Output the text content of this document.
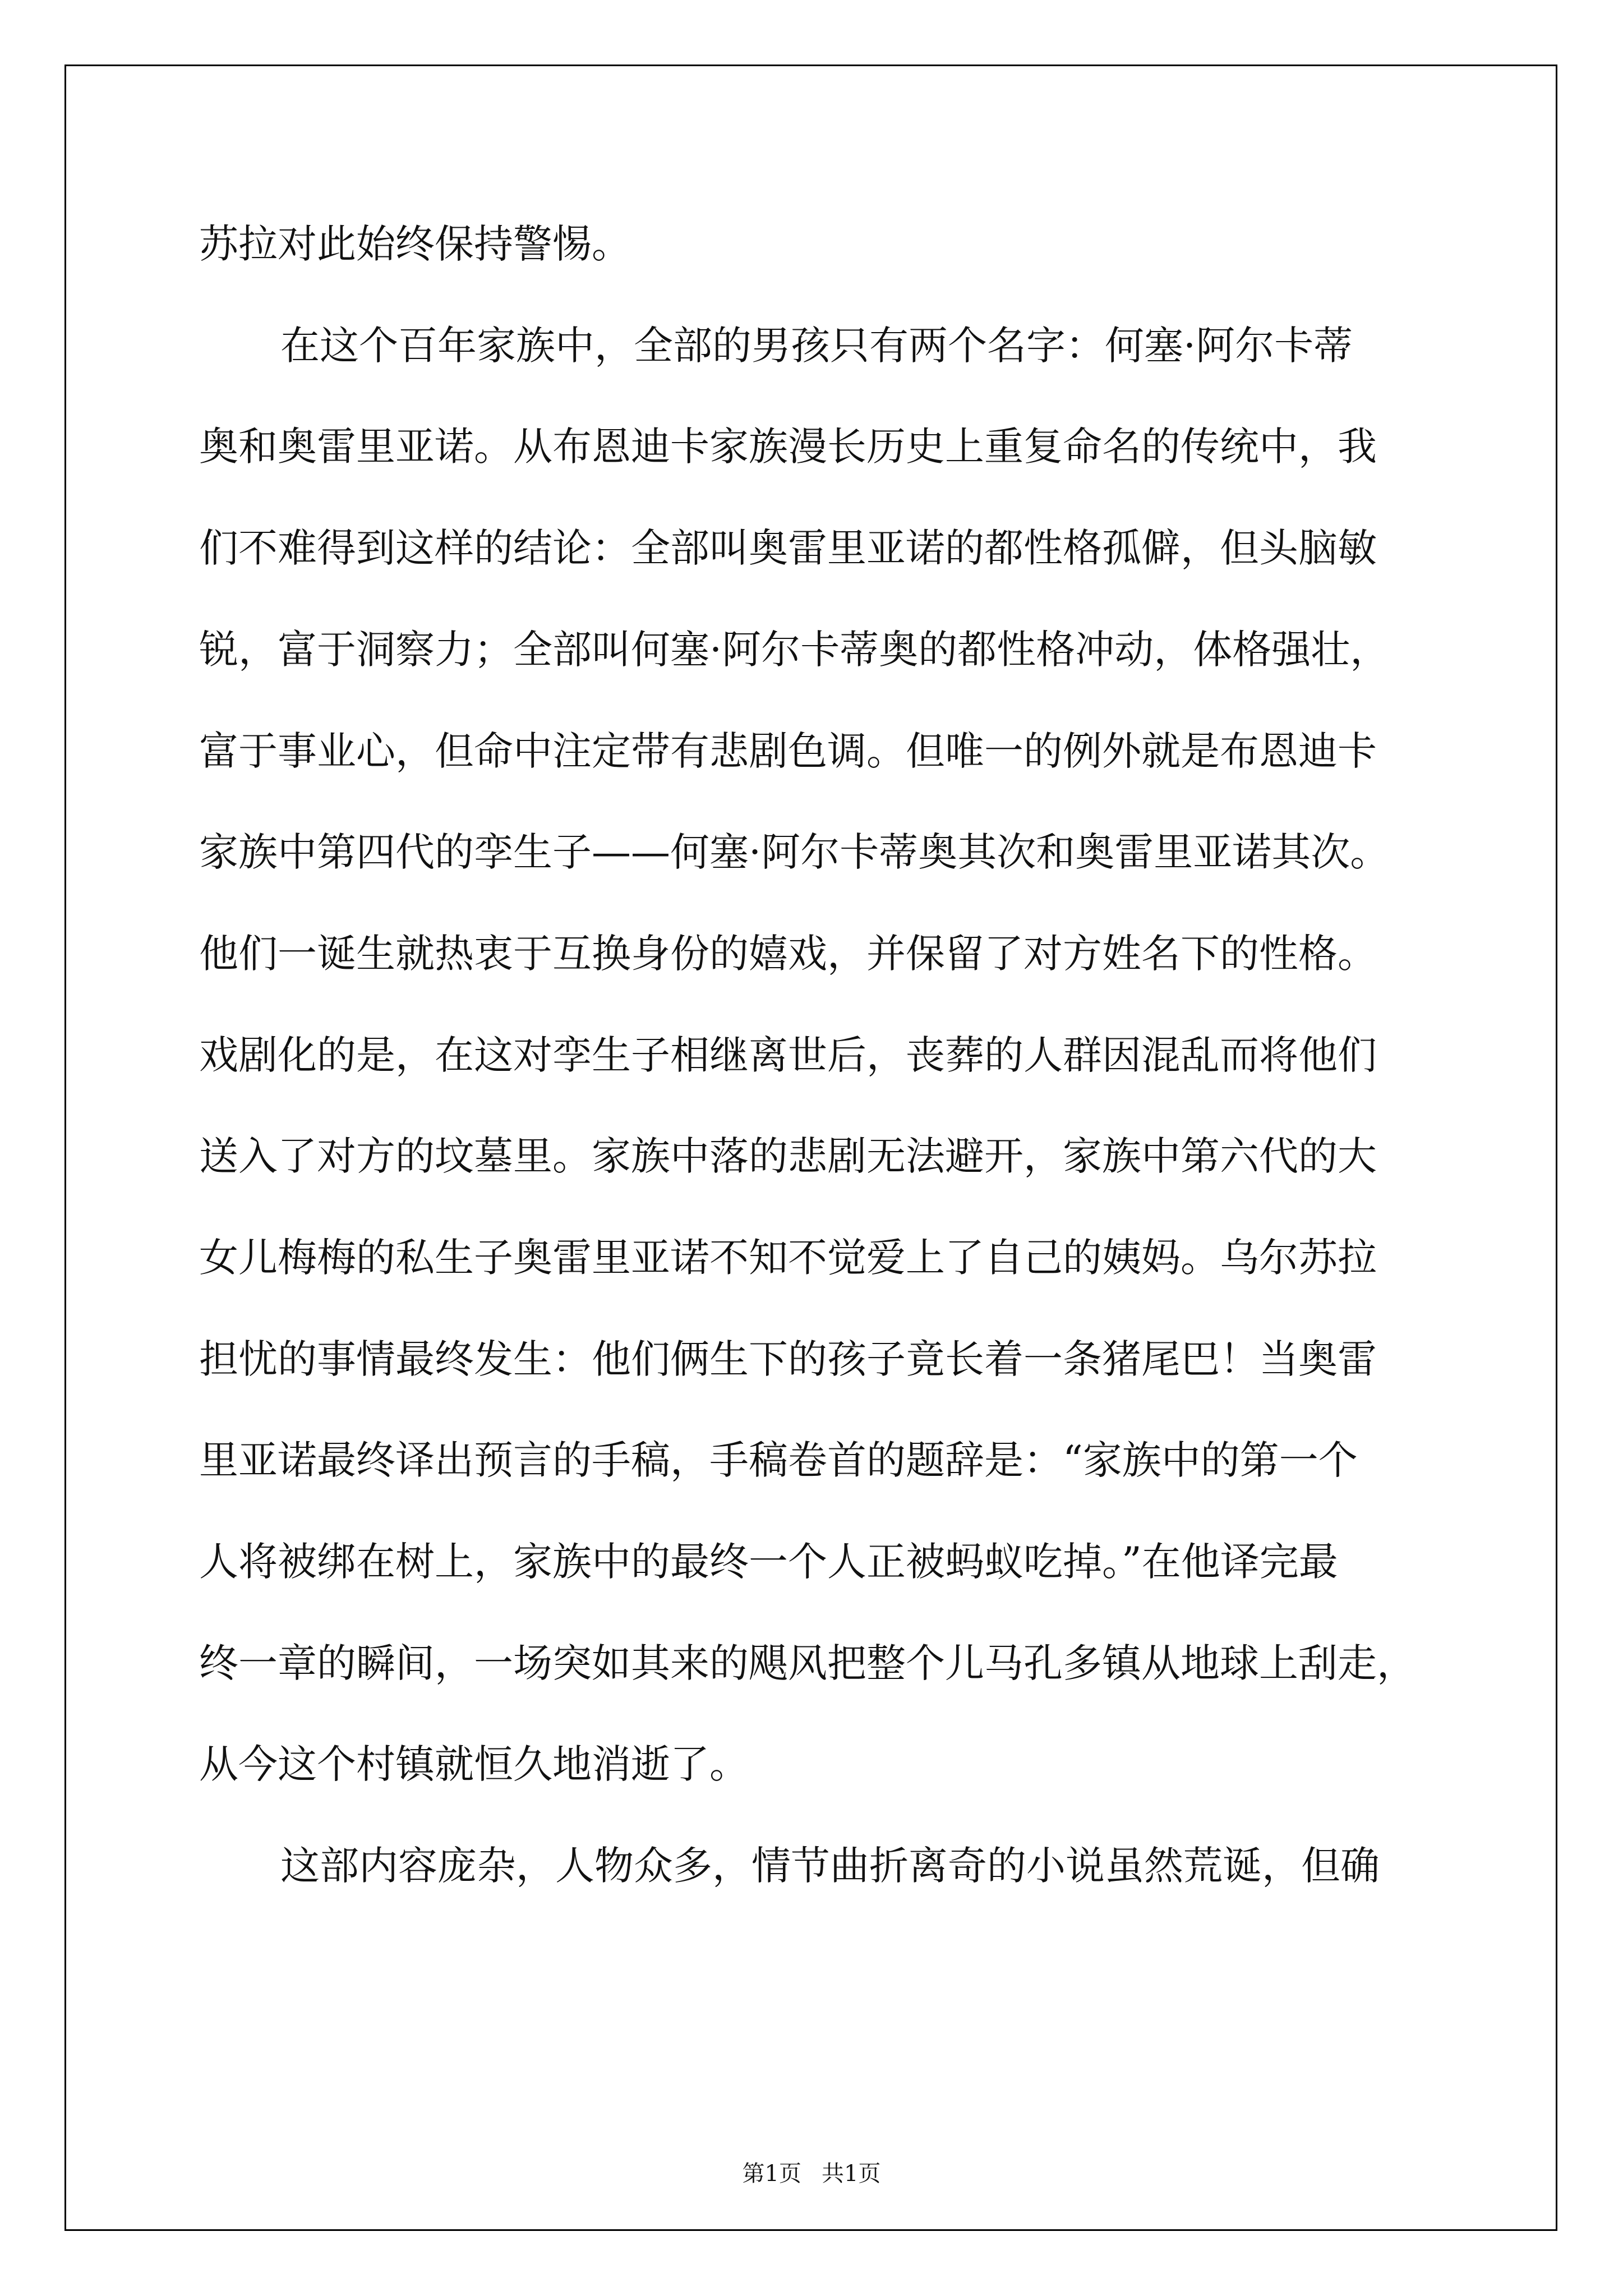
苏拉对此始终保持警惕。
在这个百年家族中，全部的男孩只有两个名字：何塞·阿尔卡蒂
奥和奥雷里亚诺。从布恩迪卡家族漫长历史上重复命名的传统中，我
们不难得到这样的结论：全部叫奥雷里亚诺的都性格孤僻，但头脑敏
锐，富于洞察力；全部叫何塞·阿尔卡蒂奥的都性格冲动，体格强壮，
富于事业心，但命中注定带有悲剧色调。但唯一的例外就是布恩迪卡
家族中第四代的孪生子——何塞·阿尔卡蒂奥其次和奥雷里亚诺其次。
他们一诞生就热衷于互换身份的嬉戏，并保留了对方姓名下的性格。
戏剧化的是，在这对孪生子相继离世后，丧葬的人群因混乱而将他们
送入了对方的坟墓里。家族中落的悲剧无法避开，家族中第六代的大
女儿梅梅的私生子奥雷里亚诺不知不觉爱上了自己的姨妈。乌尔苏拉
担忧的事情最终发生：他们俩生下的孩子竟长着一条猪尾巴！当奥雷
里亚诺最终译出预言的手稿，手稿卷首的题辞是：“家族中的第一个
人将被绑在树上，家族中的最终一个人正被蚂蚁吃掉。”在他译完最
终一章的瞬间，一场突如其来的飓风把整个儿马孔多镇从地球上刮走，
从今这个村镇就恒久地消逝了。
这部内容庞杂，人物众多，情节曲折离奇的小说虽然荒诞，但确
第1页 共1页
